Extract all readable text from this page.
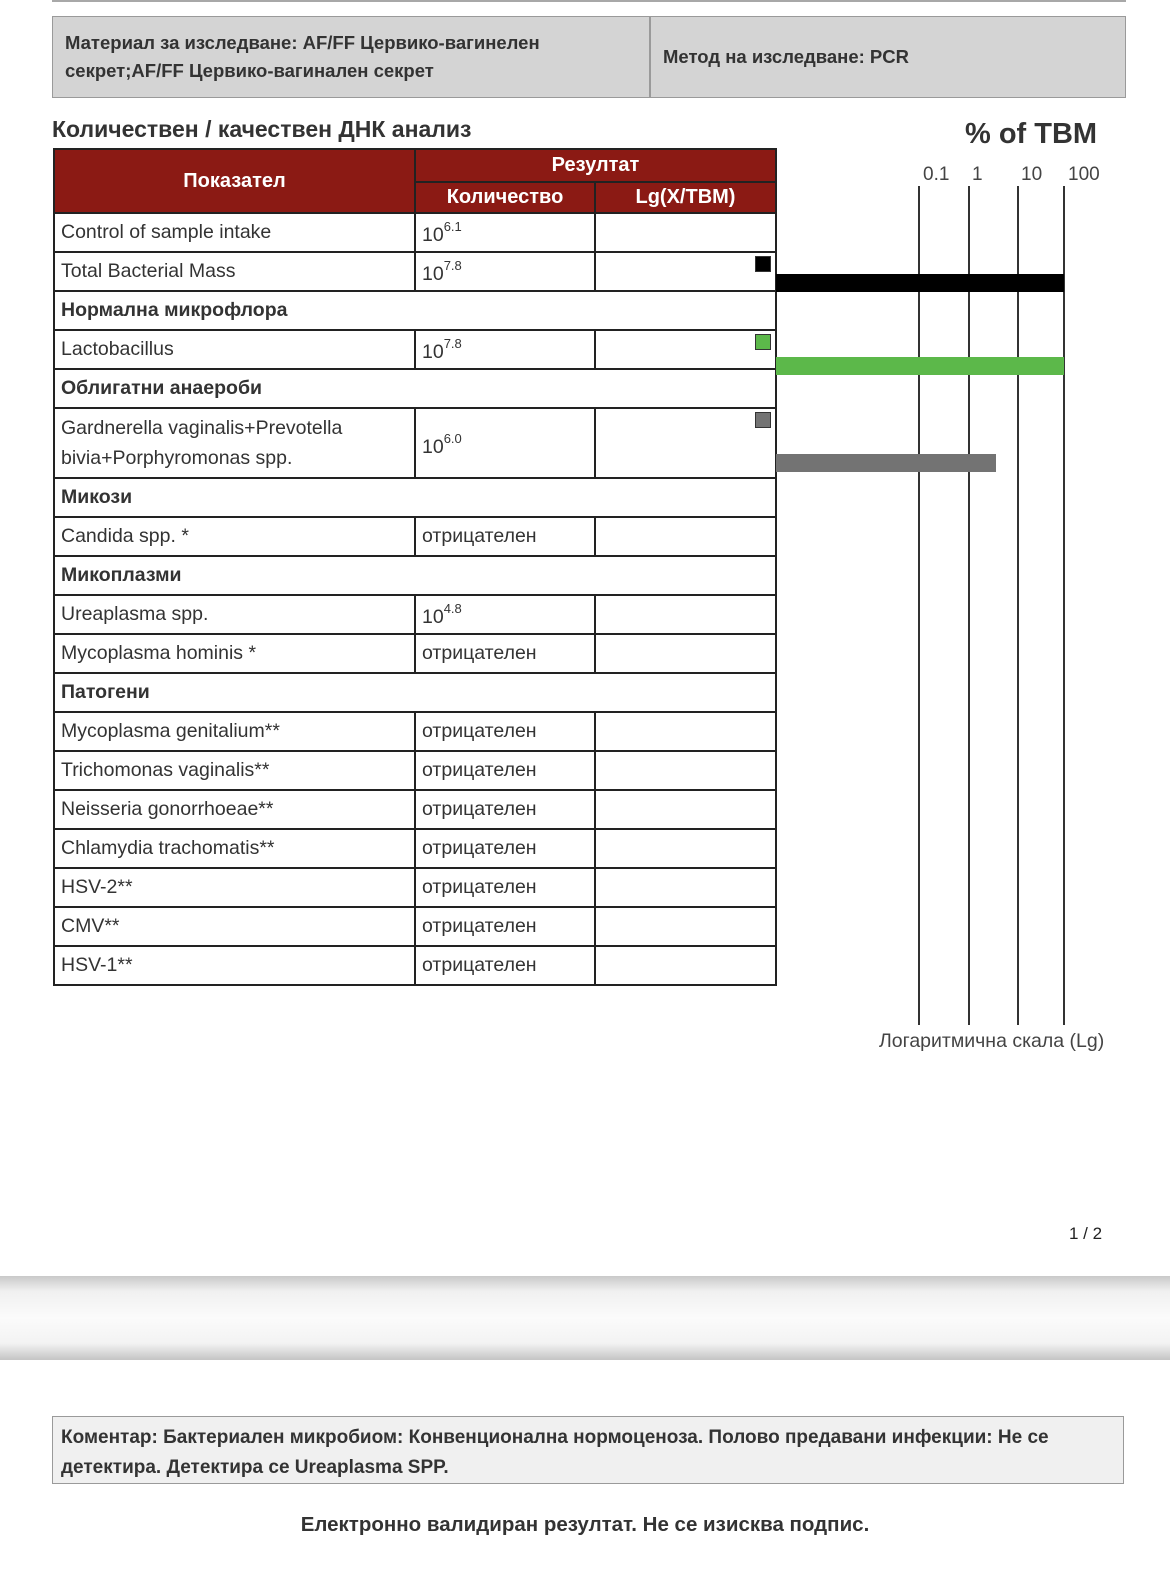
Материал за изследване: AF/FF Цервико-вагинелен секрет;AF/FF Цервико-вагинален секрет
Метод на изследване: PCR
Количествен / качествен ДНК анализ	% of TBM
Показател	Резултат	
	Количество	Lg(X/TBM)
Control of sample intake	$10^{6.1}$	
Total Bacterial Mass	$10^{7.8}$	

Нормална микрофлора		
Lactobacillus	$10^{7.8}$	

Облигатни анаероби		
Gardnerella vaginalis+Prevotella bivia+Porphyromonas spp.	$10^{6.0}$	

Микози		
Candida spp. *	отрицателен	
Микоплазми		
Ureaplasma spp.	$10^{4.8}$	
Mycoplasma hominis *	отрицателен	
Патогени		
Mycoplasma genitalium**	отрицателен	
Trichomonas vaginalis**	отрицателен	
Neisseria gonorrhoeae**	отрицателен	
Chlamydia trachomatis**	отрицателен	
HSV-2**	отрицателен	
CMV**	отрицателен	
HSV-1**	отрицателен	
0.1 1 10 100
Логаритмична скала (Lg)
1 / 2
Коментар: Бактериален микробиом: Конвенционална нормоценоза. Полово предавани инфекции: Не се детектира. Детектира се Ureaplasma SPP.
Електронно валидиран резултат. Не се изисква подпис.
